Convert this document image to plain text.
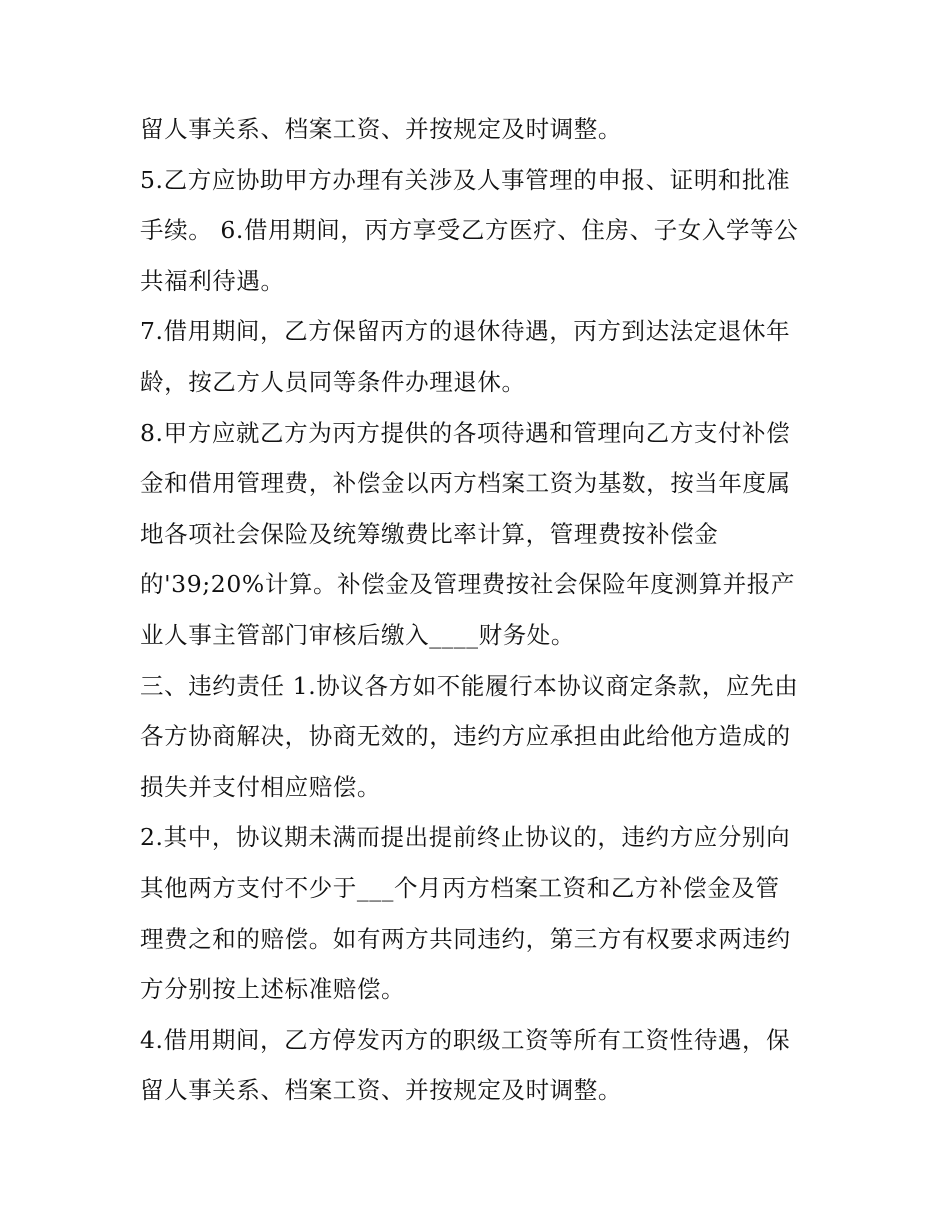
留人事关系、档案工资、并按规定及时调整。
5.乙方应协助甲方办理有关涉及人事管理的申报、证明和批准
手续。 6.借用期间，丙方享受乙方医疗、住房、子女入学等公
共福利待遇。
7.借用期间，乙方保留丙方的退休待遇，丙方到达法定退休年
龄，按乙方人员同等条件办理退休。
8.甲方应就乙方为丙方提供的各项待遇和管理向乙方支付补偿
金和借用管理费，补偿金以丙方档案工资为基数，按当年度属
地各项社会保险及统筹缴费比率计算，管理费按补偿金
的'39;20%计算。补偿金及管理费按社会保险年度测算并报产
业人事主管部门审核后缴入____财务处。
三、违约责任 1.协议各方如不能履行本协议商定条款，应先由
各方协商解决，协商无效的，违约方应承担由此给他方造成的
损失并支付相应赔偿。
2.其中，协议期未满而提出提前终止协议的，违约方应分别向
其他两方支付不少于___个月丙方档案工资和乙方补偿金及管
理费之和的赔偿。如有两方共同违约，第三方有权要求两违约
方分别按上述标准赔偿。
4.借用期间，乙方停发丙方的职级工资等所有工资性待遇，保
留人事关系、档案工资、并按规定及时调整。
